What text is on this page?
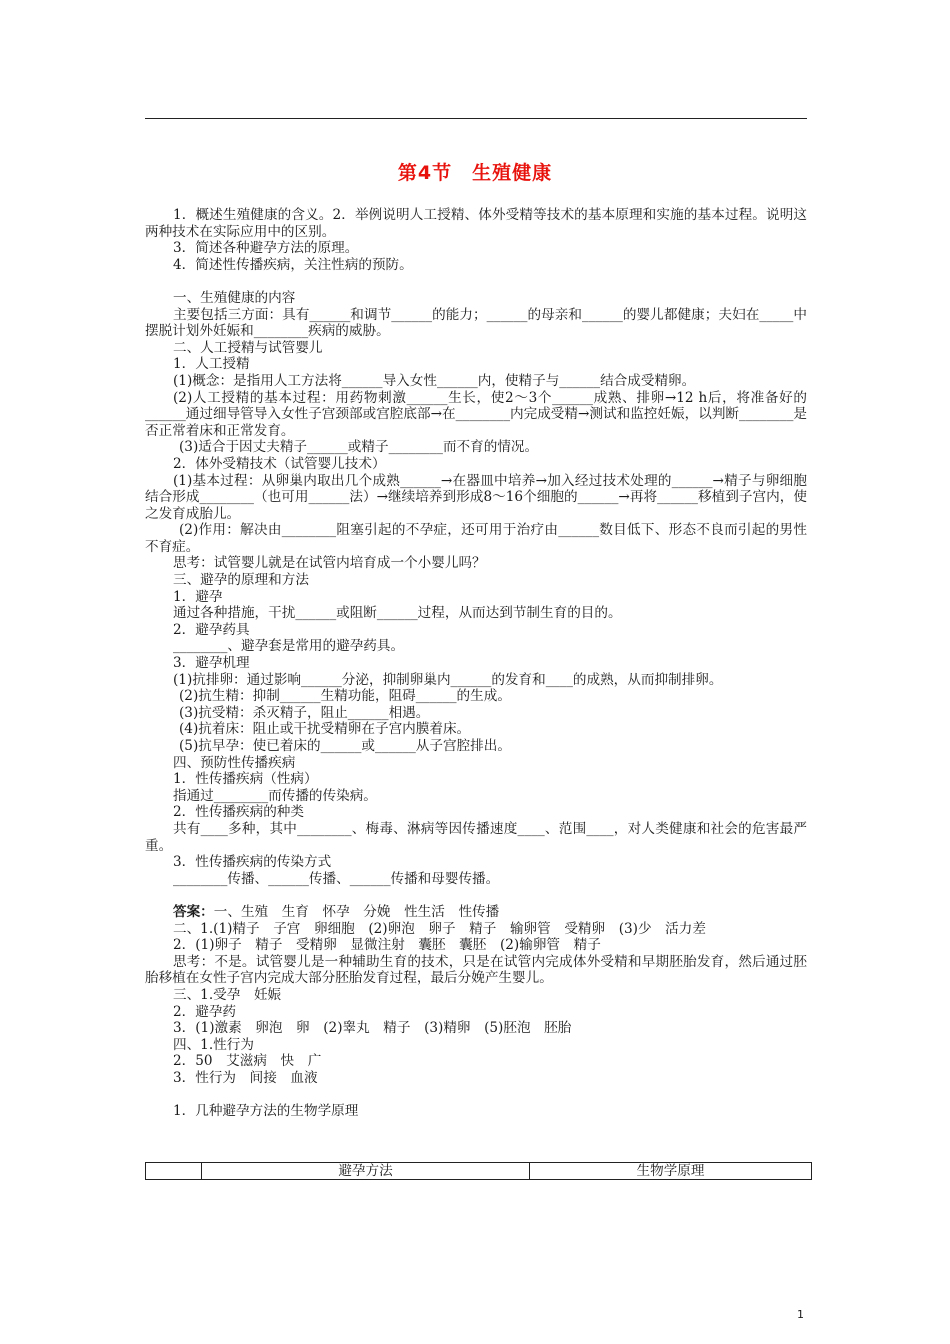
第4节　生殖健康

1．概述生殖健康的含义。2．举例说明人工授精、体外受精等技术的基本原理和实施的基本过程。说明这两种技术在实际应用中的区别。

3．简述各种避孕方法的原理。

4．简述性传播疾病，关注性病的预防。

一、生殖健康的内容

主要包括三方面：具有______和调节______的能力；______的母亲和______的婴儿都健康；夫妇在_____中摆脱计划外妊娠和________疾病的威胁。

二、人工授精与试管婴儿

1．人工授精

(1)概念：是指用人工方法将______导入女性______内，使精子与______结合成受精卵。

(2)人工授精的基本过程：用药物刺激______生长，使2～3个______成熟、排卵→12 h后，将准备好的______通过细导管导入女性子宫颈部或宫腔底部→在________内完成受精→测试和监控妊娠，以判断________是否正常着床和正常发育。

(3)适合于因丈夫精子______或精子________而不育的情况。

2．体外受精技术（试管婴儿技术）

(1)基本过程：从卵巢内取出几个成熟______→在器皿中培养→加入经过技术处理的______→精子与卵细胞结合形成________（也可用______法）→继续培养到形成8～16个细胞的______→再将______移植到子宫内，使之发育成胎儿。

(2)作用：解决由________阻塞引起的不孕症，还可用于治疗由______数目低下、形态不良而引起的男性不育症。

思考：试管婴儿就是在试管内培育成一个小婴儿吗？

三、避孕的原理和方法

1．避孕

通过各种措施，干扰______或阻断______过程，从而达到节制生育的目的。

2．避孕药具

________、避孕套是常用的避孕药具。

3．避孕机理

(1)抗排卵：通过影响______分泌，抑制卵巢内______的发育和____的成熟，从而抑制排卵。

(2)抗生精：抑制______生精功能，阻碍______的生成。

(3)抗受精：杀灭精子，阻止______相遇。

(4)抗着床：阻止或干扰受精卵在子宫内膜着床。

(5)抗早孕：使已着床的______或______从子宫腔排出。

四、预防性传播疾病

1．性传播疾病（性病）

指通过________而传播的传染病。

2．性传播疾病的种类

共有____多种，其中________、梅毒、淋病等因传播速度____、范围____，对人类健康和社会的危害最严重。

3．性传播疾病的传染方式

________传播、______传播、______传播和母婴传播。

答案：一、生殖　生育　怀孕　分娩　性生活　性传播

二、1.(1)精子　子宫　卵细胞　(2)卵泡　卵子　精子　输卵管　受精卵　(3)少　活力差

2．(1)卵子　精子　受精卵　显微注射　囊胚　囊胚　(2)输卵管　精子

思考：不是。试管婴儿是一种辅助生育的技术，只是在试管内完成体外受精和早期胚胎发育，然后通过胚胎移植在女性子宫内完成大部分胚胎发育过程，最后分娩产生婴儿。

三、1.受孕　妊娠

2．避孕药

3．(1)激素　卵泡　卵　(2)睾丸　精子　(3)精卵　(5)胚泡　胚胎

四、1.性行为

2．50　艾滋病　快　广

3．性行为　间接　血液

1．几种避孕方法的生物学原理

	避孕方法	生物学原理
1
